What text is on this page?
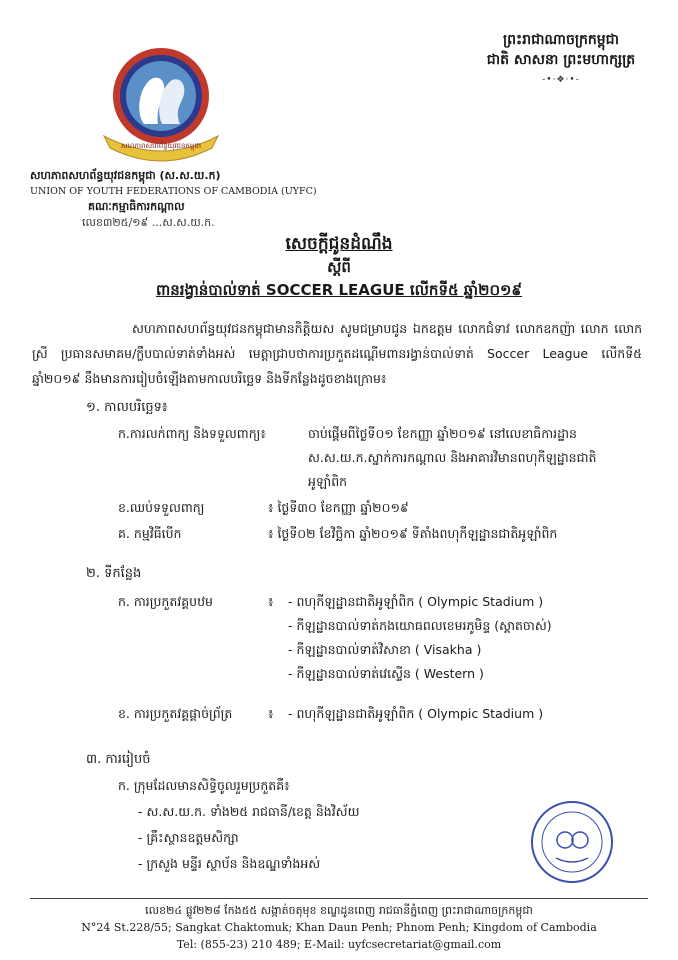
ព្រះរាជាណាចក្រកម្ពុជា
ជាតិ សាសនា ព្រះមហាក្សត្រ
-•·❖·•-
សហភាពសហព័ន្ធយុវជនកម្ពុជា
សហភាពសហព័ន្ធយុវជនកម្ពុជា (ស.ស.យ.ក)
UNION OF YOUTH FEDERATIONS OF CAMBODIA (UYFC)
គណៈកម្មាធិការកណ្តាល
លេខ៣២៥/១៩ ...ស.ស.យ.ក.
សេចក្តីជូនដំណឹង
ស្តីពី
ពានរង្វាន់បាល់ទាត់ SOCCER LEAGUE លើកទី៥ ឆ្នាំ២០១៩
សហភាពសហព័ន្ធយុវជនកម្ពុជាមានកិត្តិយស សូមជម្រាបជូន ឯកឧត្តម លោកជំទាវ លោកឧកញ៉ា លោក លោកស្រី ប្រធានសមាគម/ក្លឹបបាល់ទាត់ទាំងអស់ មេត្តាជ្រាបថាការប្រកួតដណ្តើមពានរង្វាន់បាល់ទាត់ Soccer League លើកទី៥ ឆ្នាំ២០១៩ នឹងមានការរៀបចំឡើងតាមកាលបរិច្ឆេទ និងទីកន្លែងដូចខាងក្រោម៖
១. កាលបរិច្ឆេទ៖
ក.ការលក់ពាក្យ និងទទួលពាក្យ៖	ចាប់ផ្តើមពីថ្ងៃទី០១ ខែកញ្ញា ឆ្នាំ២០១៩ នៅលេខាធិការដ្ឋាន
ស.ស.យ.ក.ស្នាក់ការកណ្តាល និងអាគារវិមានពហុកីឡដ្ឋានជាតិ
អូឡាំពិក
ខ.ឈប់ទទួលពាក្យ	៖ ថ្ងៃទី៣០ ខែកញ្ញា ឆ្នាំ២០១៩
គ. កម្មវិធីបើក	៖ ថ្ងៃទី០២ ខែវិច្ឆិកា ឆ្នាំ២០១៩ ទីតាំងពហុកីឡដ្ឋានជាតិអូឡាំពិក
២. ទីកន្លែង
ក. ការប្រកួតវគ្គបឋម	៖ - ពហុកីឡដ្ឋានជាតិអូឡាំពិក ( Olympic Stadium )
- កីឡដ្ឋានបាល់ទាត់កងយោធពលខេមរភូមិន្ទ (ស្តាតចាស់)
- កីឡដ្ឋានបាល់ទាត់វិសាខា ( Visakha )
- កីឡដ្ឋានបាល់ទាត់វេស្ទើន ( Western )
ខ. ការប្រកួតវគ្គផ្តាច់ព្រ័ត្រ	៖ - ពហុកីឡដ្ឋានជាតិអូឡាំពិក ( Olympic Stadium )
៣. ការរៀបចំ
ក. ក្រុមដែលមានសិទ្ធិចូលរួមប្រកួតគឺ៖
- ស.ស.យ.ក. ទាំង២៥ រាជធានី/ខេត្ត និងវិស័យ
- គ្រឹះស្ថានឧត្តមសិក្សា
- ក្រសួង មន្ទីរ ស្ថាប័ន និងឧណ្ឌទាំងអស់
លេខ២៤ ផ្លូវ២២៨ កែង៥៥ សង្កាត់ចតុមុខ ខណ្ឌដូនពេញ រាជធានីភ្នំពេញ ព្រះរាជាណាចក្រកម្ពុជា
N°24 St.228/55; Sangkat Chaktomuk; Khan Daun Penh; Phnom Penh; Kingdom of Cambodia
Tel: (855-23) 210 489; E-Mail: uyfcsecretariat@gmail.com
